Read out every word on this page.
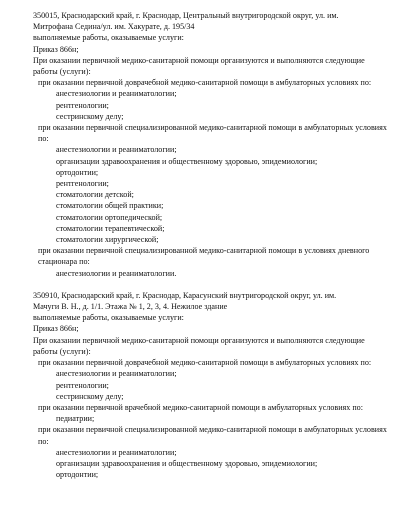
350015, Краснодарский край, г. Краснодар, Центральный внутригородской округ, ул. им.
Митрофана Седина/ул. им. Хакурате, д. 195/34
выполняемые работы, оказываемые услуги:
Приказ 866н;
При оказании первичной медико-санитарной помощи организуются и выполняются следующие работы (услуги):
при оказании первичной доврачебной медико-санитарной помощи в амбулаторных условиях по:
анестезиологии и реаниматологии;
рентгенологии;
сестринскому делу;
при оказании первичной специализированной медико-санитарной помощи в амбулаторных условиях по:
анестезиологии и реаниматологии;
организации здравоохранения и общественному здоровью, эпидемиологии;
ортодонтии;
рентгенологии;
стоматологии детской;
стоматологии общей практики;
стоматологии ортопедической;
стоматологии терапевтической;
стоматологии хирургической;
при оказании первичной специализированной медико-санитарной помощи в условиях дневного стационара по:
анестезиологии и реаниматологии.
350910, Краснодарский край, г. Краснодар, Карасунский внутригородской округ, ул. им.
Мачуги В. Н., д. 1/1. Этажа № 1, 2, 3, 4. Нежилое здание
выполняемые работы, оказываемые услуги:
Приказ 866н;
При оказании первичной медико-санитарной помощи организуются и выполняются следующие работы (услуги):
при оказании первичной доврачебной медико-санитарной помощи в амбулаторных условиях по:
анестезиологии и реаниматологии;
рентгенологии;
сестринскому делу;
при оказании первичной врачебной медико-санитарной помощи в амбулаторных условиях по:
педиатрии;
при оказании первичной специализированной медико-санитарной помощи в амбулаторных условиях по:
анестезиологии и реаниматологии;
организации здравоохранения и общественному здоровью, эпидемиологии;
ортодонтии;
